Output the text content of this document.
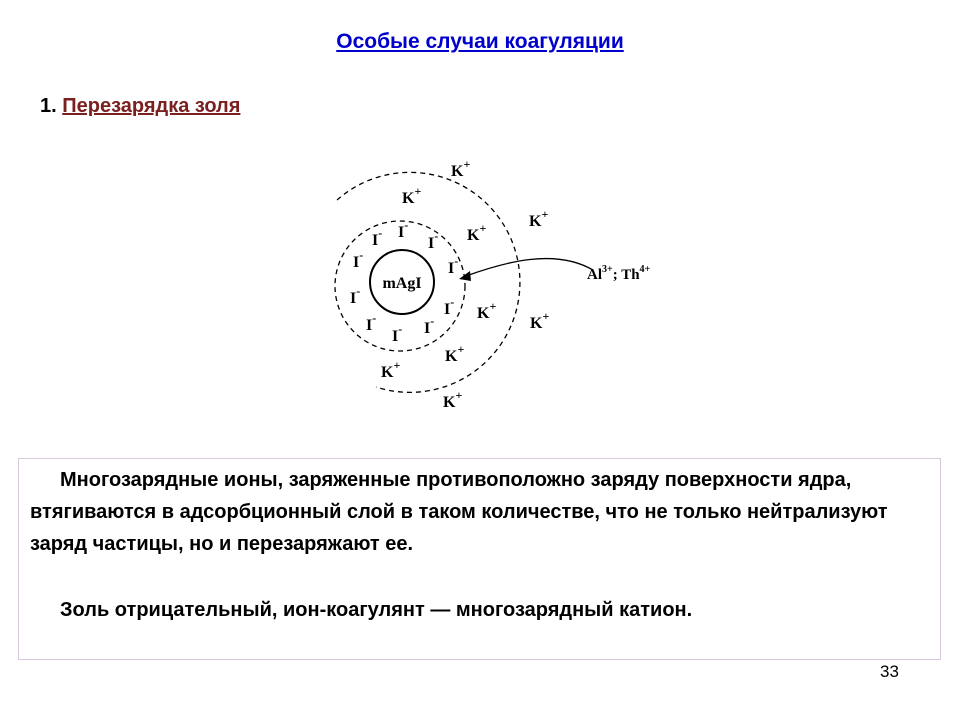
Особые случаи коагуляции
1. Перезарядка золя
mAgI
I- I-
I-
I-
I-
I-
I-
I-
I- I-
K+
K+
K+
K+
K+
K+
K+
K+
K+
$Al^{3+}$; $Th^{4+}$
Многозарядные ионы, заряженные противоположно заряду поверхности ядра, втягиваются в адсорбционный слой в таком количестве, что не только нейтрализуют заряд частицы, но и перезаряжают ее.
Золь отрицательный, ион-коагулянт — многозарядный катион.
33
